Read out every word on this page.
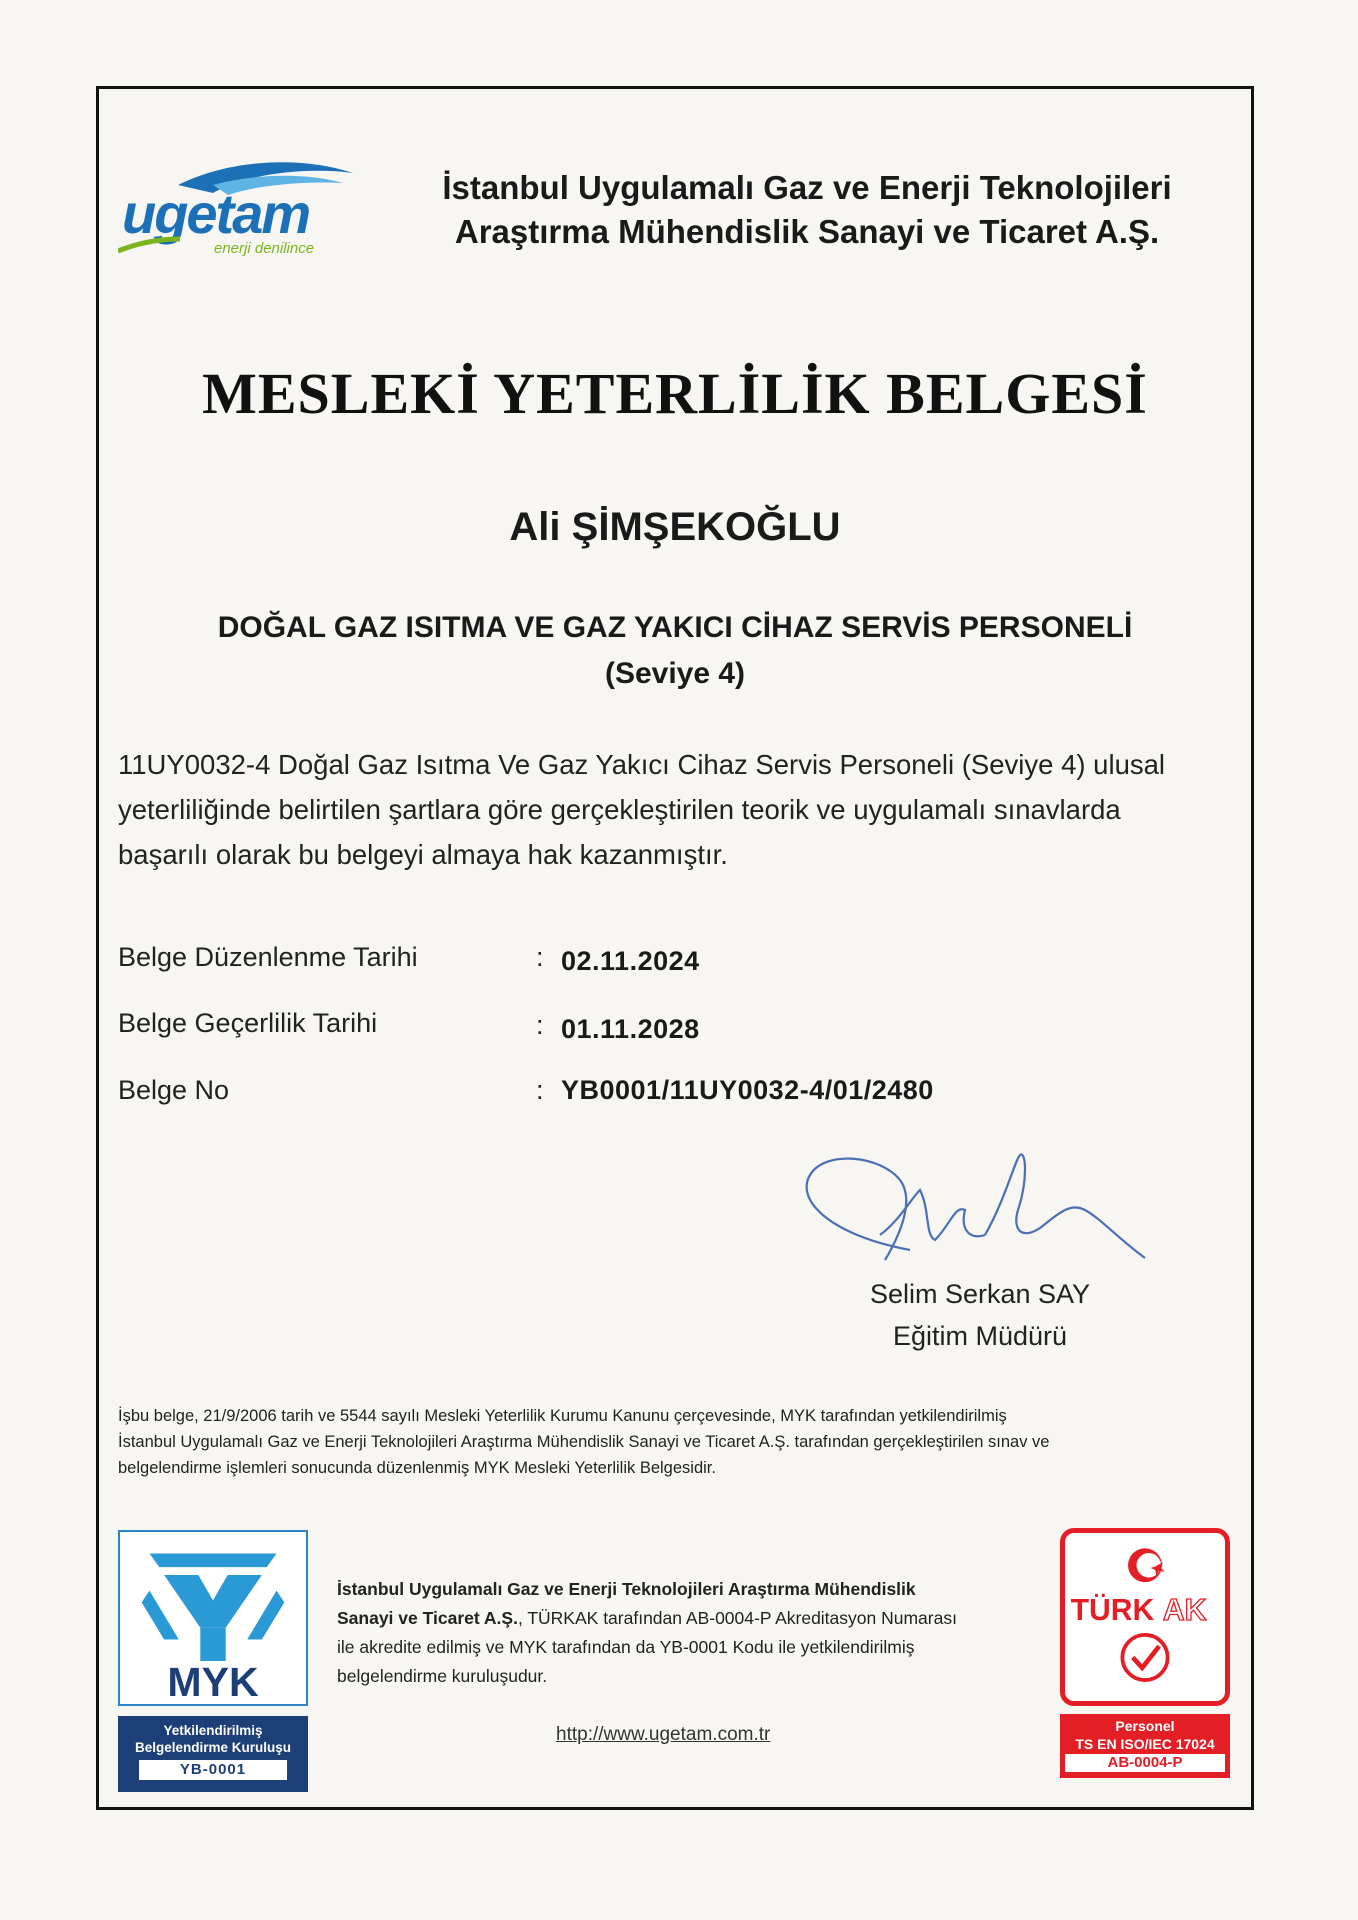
ugetam
enerji denilince
İstanbul Uygulamalı Gaz ve Enerji Teknolojileri
Araştırma Mühendislik Sanayi ve Ticaret A.Ş.
MESLEKİ YETERLİLİK BELGESİ
Ali ŞİMŞEKOĞLU
DOĞAL GAZ ISITMA VE GAZ YAKICI CİHAZ SERVİS PERSONELİ
(Seviye 4)
11UY0032-4 Doğal Gaz Isıtma Ve Gaz Yakıcı Cihaz Servis Personeli (Seviye 4) ulusal
yeterliliğinde belirtilen şartlara göre gerçekleştirilen teorik ve uygulamalı sınavlarda
başarılı olarak bu belgeyi almaya hak kazanmıştır.
Belge Düzenlenme Tarihi	: 02.11.2024
Belge Geçerlilik Tarihi	: 01.11.2028
Belge No	: YB0001/11UY0032-4/01/2480
Selim Serkan SAY
Eğitim Müdürü
İşbu belge, 21/9/2006 tarih ve 5544 sayılı Mesleki Yeterlilik Kurumu Kanunu çerçevesinde, MYK tarafından yetkilendirilmiş
İstanbul Uygulamalı Gaz ve Enerji Teknolojileri Araştırma Mühendislik Sanayi ve Ticaret A.Ş. tarafından gerçekleştirilen sınav ve
belgelendirme işlemleri sonucunda düzenlenmiş MYK Mesleki Yeterlilik Belgesidir.
MYK
Yetkilendirilmiş
Belgelendirme Kuruluşu
YB-0001
İstanbul Uygulamalı Gaz ve Enerji Teknolojileri Araştırma Mühendislik
Sanayi ve Ticaret A.Ş., TÜRKAK tarafından AB-0004-P Akreditasyon Numarası
ile akredite edilmiş ve MYK tarafından da YB-0001 Kodu ile yetkilendirilmiş
belgelendirme kuruluşudur.
http://www.ugetam.com.tr
TÜRK AK
Personel
TS EN ISO/IEC 17024
AB-0004-P
